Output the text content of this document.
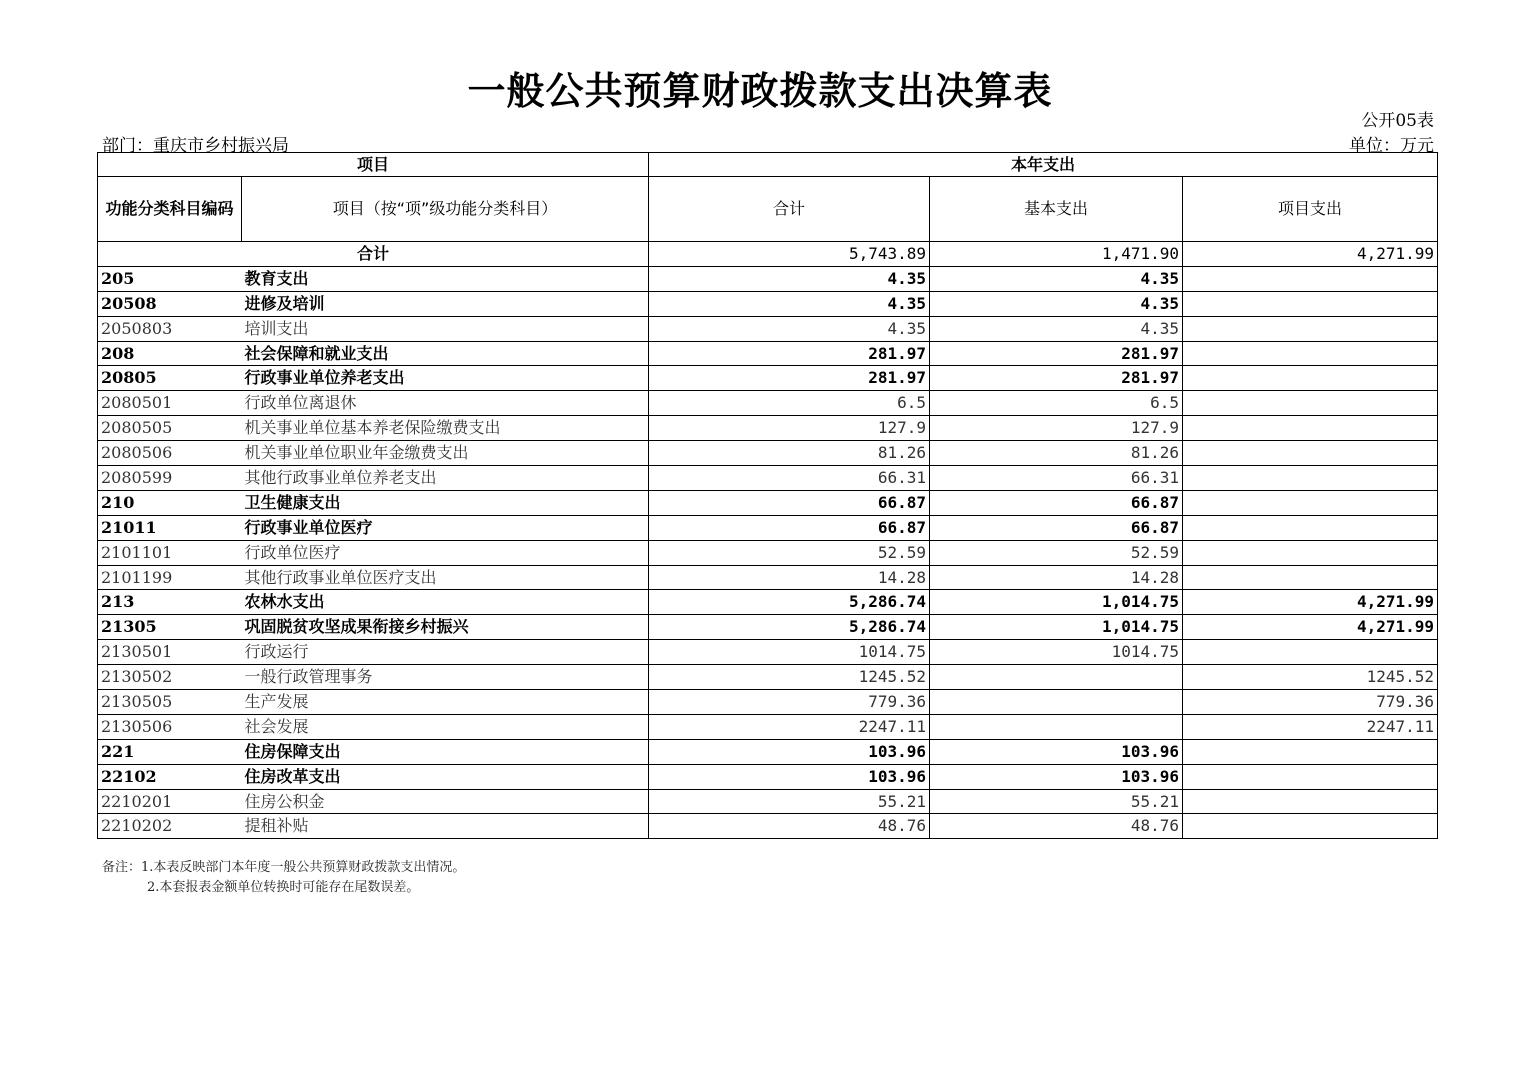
一般公共预算财政拨款支出决算表
公开05表
部门：重庆市乡村振兴局	单位：万元
项目		本年支出		
功能分类科目编码	项目（按“项”级功能分类科目）	合计	基本支出	项目支出
合计		5,743.89	1,471.90	4,271.99
205	教育支出	4.35	4.35	
20508	进修及培训	4.35	4.35	
2050803	培训支出	4.35	4.35	
208	社会保障和就业支出	281.97	281.97	
20805	行政事业单位养老支出	281.97	281.97	
2080501	行政单位离退休	6.5	6.5	
2080505	机关事业单位基本养老保险缴费支出	127.9	127.9	
2080506	机关事业单位职业年金缴费支出	81.26	81.26	
2080599	其他行政事业单位养老支出	66.31	66.31	
210	卫生健康支出	66.87	66.87	
21011	行政事业单位医疗	66.87	66.87	
2101101	行政单位医疗	52.59	52.59	
2101199	其他行政事业单位医疗支出	14.28	14.28	
213	农林水支出	5,286.74	1,014.75	4,271.99
21305	巩固脱贫攻坚成果衔接乡村振兴	5,286.74	1,014.75	4,271.99
2130501	行政运行	1014.75	1014.75	
2130502	一般行政管理事务	1245.52		1245.52
2130505	生产发展	779.36		779.36
2130506	社会发展	2247.11		2247.11
221	住房保障支出	103.96	103.96	
22102	住房改革支出	103.96	103.96	
2210201	住房公积金	55.21	55.21	
2210202	提租补贴	48.76	48.76	
备注：1.本表反映部门本年度一般公共预算财政拨款支出情况。
2.本套报表金额单位转换时可能存在尾数误差。
